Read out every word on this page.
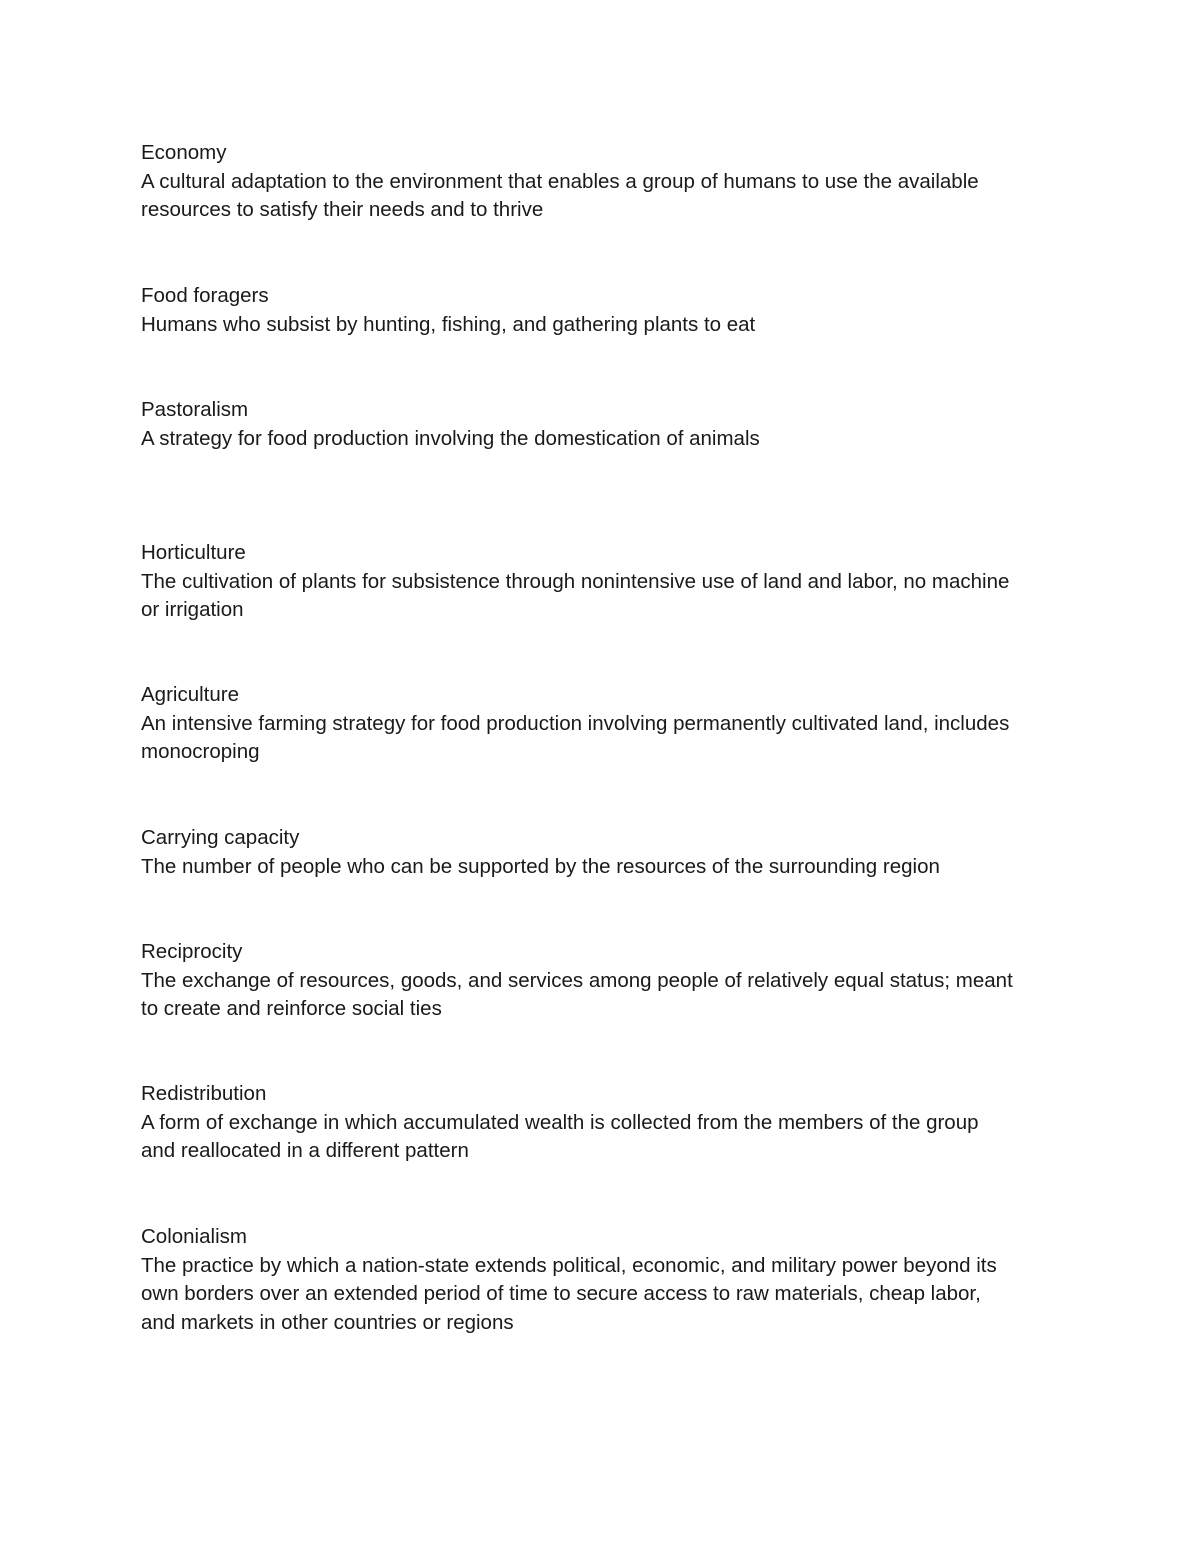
Economy
A cultural adaptation to the environment that enables a group of humans to use the available
resources to satisfy their needs and to thrive
Food foragers
Humans who subsist by hunting, fishing, and gathering plants to eat
Pastoralism
A strategy for food production involving the domestication of animals
Horticulture
The cultivation of plants for subsistence through nonintensive use of land and labor, no machine
or irrigation
Agriculture
An intensive farming strategy for food production involving permanently cultivated land, includes
monocroping
Carrying capacity
The number of people who can be supported by the resources of the surrounding region
Reciprocity
The exchange of resources, goods, and services among people of relatively equal status; meant
to create and reinforce social ties
Redistribution
A form of exchange in which accumulated wealth is collected from the members of the group
and reallocated in a different pattern
Colonialism
The practice by which a nation-state extends political, economic, and military power beyond its
own borders over an extended period of time to secure access to raw materials, cheap labor,
and markets in other countries or regions
